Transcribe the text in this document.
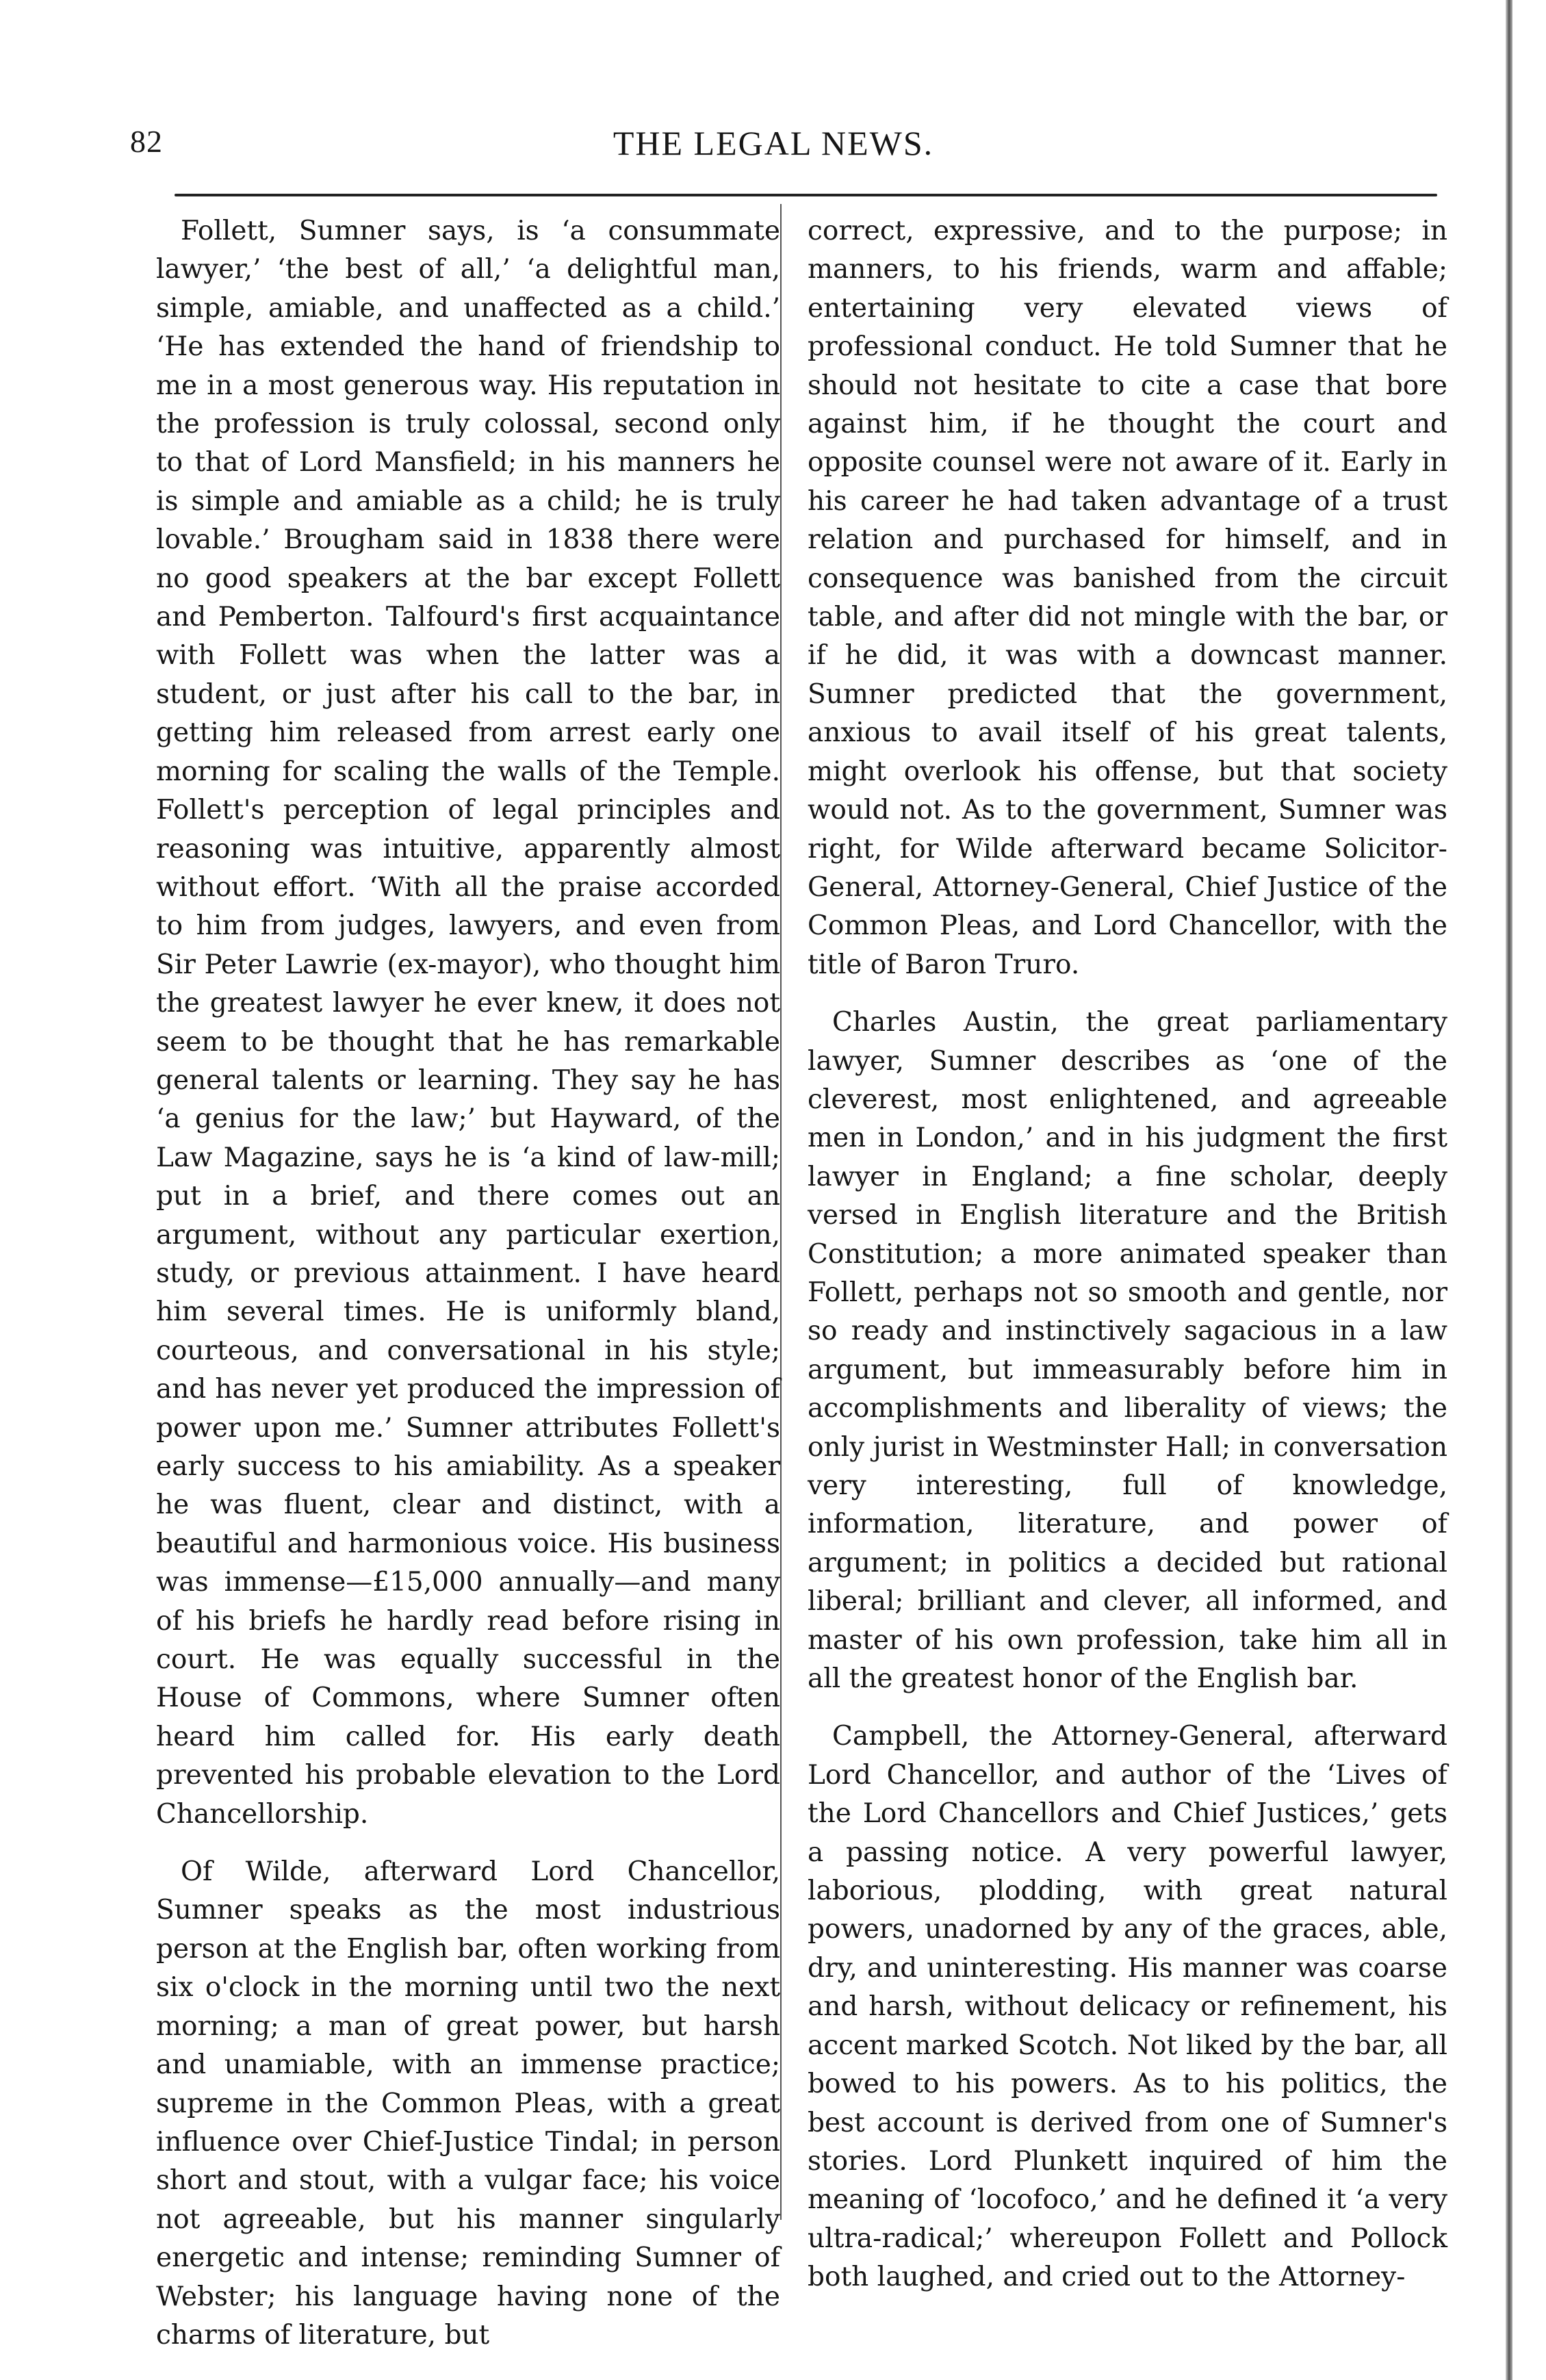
82	THE LEGAL NEWS.

Follett, Sumner says, is ‘a consummate lawyer,’ ‘the best of all,’ ‘a delightful man, simple, amiable, and unaffected as a child.’ ‘He has extended the hand of friendship to me in a most generous way. His reputation in the profession is truly colossal, second only to that of Lord Mansfield; in his manners he is simple and amiable as a child; he is truly lovable.’ Brougham said in 1838 there were no good speakers at the bar except Follett and Pemberton. Talfourd's first acquaintance with Follett was when the latter was a student, or just after his call to the bar, in getting him released from arrest early one morning for scaling the walls of the Temple. Follett's perception of legal principles and reasoning was intuitive, apparently almost without effort. ‘With all the praise accorded to him from judges, lawyers, and even from Sir Peter Lawrie (ex-mayor), who thought him the greatest lawyer he ever knew, it does not seem to be thought that he has remarkable general talents or learning. They say he has ‘a genius for the law;’ but Hayward, of the Law Magazine, says he is ‘a kind of law-mill; put in a brief, and there comes out an argument, without any particular exertion, study, or previous attainment. I have heard him several times. He is uniformly bland, courteous, and conversational in his style; and has never yet produced the impression of power upon me.’ Sumner attributes Follett's early success to his amiability. As a speaker he was fluent, clear and distinct, with a beautiful and harmonious voice. His business was immense—£15,000 annually—and many of his briefs he hardly read before rising in court. He was equally successful in the House of Commons, where Sumner often heard him called for. His early death prevented his probable elevation to the Lord Chancellorship.

Of Wilde, afterward Lord Chancellor, Sumner speaks as the most industrious person at the English bar, often working from six o'clock in the morning until two the next morning; a man of great power, but harsh and unamiable, with an immense practice; supreme in the Common Pleas, with a great influence over Chief-Justice Tindal; in person short and stout, with a vulgar face; his voice not agreeable, but his manner singularly energetic and intense; reminding Sumner of Webster; his language having none of the charms of literature, but

correct, expressive, and to the purpose; in manners, to his friends, warm and affable; entertaining very elevated views of professional conduct. He told Sumner that he should not hesitate to cite a case that bore against him, if he thought the court and opposite counsel were not aware of it. Early in his career he had taken advantage of a trust relation and purchased for himself, and in consequence was banished from the circuit table, and after did not mingle with the bar, or if he did, it was with a downcast manner. Sumner predicted that the government, anxious to avail itself of his great talents, might overlook his offense, but that society would not. As to the government, Sumner was right, for Wilde afterward became Solicitor-General, Attorney-General, Chief Justice of the Common Pleas, and Lord Chancellor, with the title of Baron Truro.

Charles Austin, the great parliamentary lawyer, Sumner describes as ‘one of the cleverest, most enlightened, and agreeable men in London,’ and in his judgment the first lawyer in England; a fine scholar, deeply versed in English literature and the British Constitution; a more animated speaker than Follett, perhaps not so smooth and gentle, nor so ready and instinctively sagacious in a law argument, but immeasurably before him in accomplishments and liberality of views; the only jurist in Westminster Hall; in conversation very interesting, full of knowledge, information, literature, and power of argument; in politics a decided but rational liberal; brilliant and clever, all informed, and master of his own profession, take him all in all the greatest honor of the English bar.

Campbell, the Attorney-General, afterward Lord Chancellor, and author of the ‘Lives of the Lord Chancellors and Chief Justices,’ gets a passing notice. A very powerful lawyer, laborious, plodding, with great natural powers, unadorned by any of the graces, able, dry, and uninteresting. His manner was coarse and harsh, without delicacy or refinement, his accent marked Scotch. Not liked by the bar, all bowed to his powers. As to his politics, the best account is derived from one of Sumner's stories. Lord Plunkett inquired of him the meaning of ‘locofoco,’ and he defined it ‘a very ultra-radical;’ whereupon Follett and Pollock both laughed, and cried out to the Attorney-
